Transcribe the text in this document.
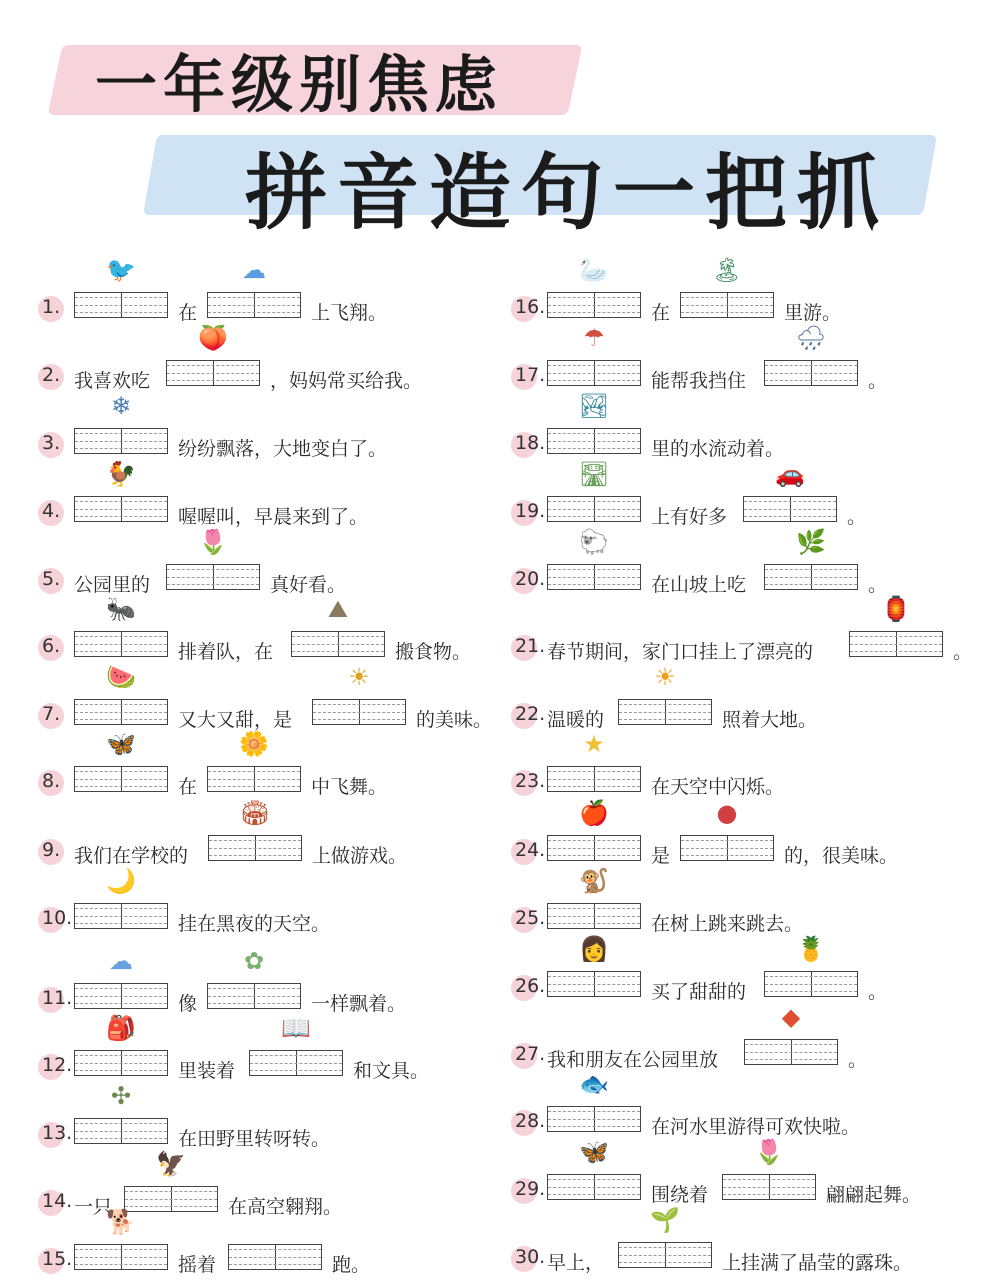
一年级别焦虑
拼音造句一把抓
1.
🐦
在
☁
上飞翔。
2. 我喜欢吃
🍑
，妈妈常买给我。
3.
❄
纷纷飘落，大地变白了。
4.
🐓
喔喔叫，早晨来到了。
5. 公园里的
🌷
真好看。
6.
🐜
排着队，在
⛰
搬食物。
7.
🍉
又大又甜，是
☀
的美味。
8.
🦋
在
🌼
中飞舞。
9. 我们在学校的
🏟
上做游戏。
10.
🌙
挂在黑夜的天空。
11.
☁
像
✿
一样飘着。
12.
🎒
里装着
📖
和文具。
13.
✣
在田野里转呀转。
14. 一只
🦅
在高空翱翔。
15.
🐕
摇着	跑。
16.
🦢
在
🏝
里游。
17.
☂
能帮我挡住
🌧
。
18.
🏞
里的水流动着。
19.
🛣
上有好多
🚗
。
20.
🐑
在山坡上吃
🌿
。
21. 春节期间，家门口挂上了漂亮的
🏮
。
22. 温暖的
☀
照着大地。
23.
★
在天空中闪烁。
24.
🍎
是
●
的，很美味。
25.
🐒
在树上跳来跳去。
26.
👩
买了甜甜的
🍍
。
27. 我和朋友在公园里放
◆
。
28.
🐟
在河水里游得可欢快啦。
29.
🦋
围绕着
🌷
翩翩起舞。
30. 早上，
🌱
上挂满了晶莹的露珠。
